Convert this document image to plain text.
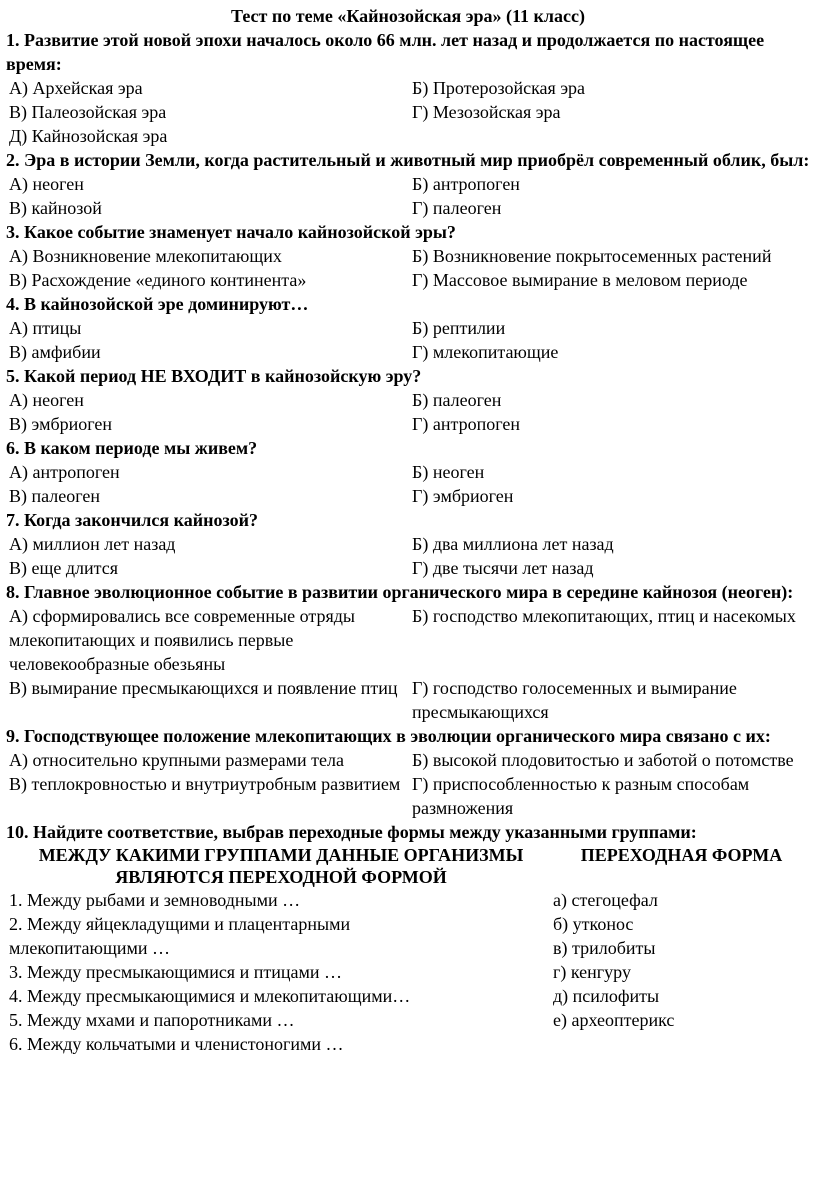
Тест по теме «Кайнозойская эра» (11 класс)
1. Развитие этой новой эпохи началось около 66 млн. лет назад и продолжается по настоящее время:
А) Архейская эра	Б) Протерозойская эра
В) Палеозойская эра	Г) Мезозойская эра
Д) Кайнозойская эра
2. Эра в истории Земли, когда растительный и животный мир приобрёл современный облик, был:
А) неоген	Б) антропоген
В) кайнозой	Г) палеоген
3. Какое событие знаменует начало кайнозойской эры?
А) Возникновение млекопитающих	Б) Возникновение покрытосеменных растений
В) Расхождение «единого континента»	Г) Массовое вымирание в меловом периоде
4. В кайнозойской эре доминируют…
А) птицы	Б) рептилии
В) амфибии	Г) млекопитающие
5. Какой период НЕ ВХОДИТ в кайнозойскую эру?
А) неоген	Б) палеоген
В) эмбриоген	Г) антропоген
6. В каком периоде мы живем?
А) антропоген	Б) неоген
В) палеоген	Г) эмбриоген
7. Когда закончился кайнозой?
А) миллион лет назад	Б) два миллиона лет назад
В) еще длится	Г) две тысячи лет назад
8. Главное эволюционное событие в развитии органического мира в середине кайнозоя (неоген):
А) сформировались все современные отряды млекопитающих и появились первые человекообразные обезьяны
Б) господство млекопитающих, птиц и насекомых
В) вымирание пресмыкающихся и появление птиц Г) господство голосеменных и вымирание пресмыкающихся
9. Господствующее положение млекопитающих в эволюции органического мира связано с их:
А) относительно крупными размерами тела	Б) высокой плодовитостью и заботой о потомстве
В) теплокровностью и внутриутробным развитием Г) приспособленностью к разным способам размножения
10. Найдите соответствие, выбрав переходные формы между указанными группами:
МЕЖДУ КАКИМИ ГРУППАМИ ДАННЫЕ ОРГАНИЗМЫ ЯВЛЯЮТСЯ ПЕРЕХОДНОЙ ФОРМОЙ
ПЕРЕХОДНАЯ ФОРМА
1. Между рыбами и земноводными …	а) стегоцефал
2. Между яйцекладущими и плацентарными	б) утконос
млекопитающими …	в) трилобиты
3. Между пресмыкающимися и птицами …	г) кенгуру
4. Между пресмыкающимися и млекопитающими…	д) псилофиты
5. Между мхами и папоротниками …	е) археоптерикс
6. Между кольчатыми и членистоногими …
